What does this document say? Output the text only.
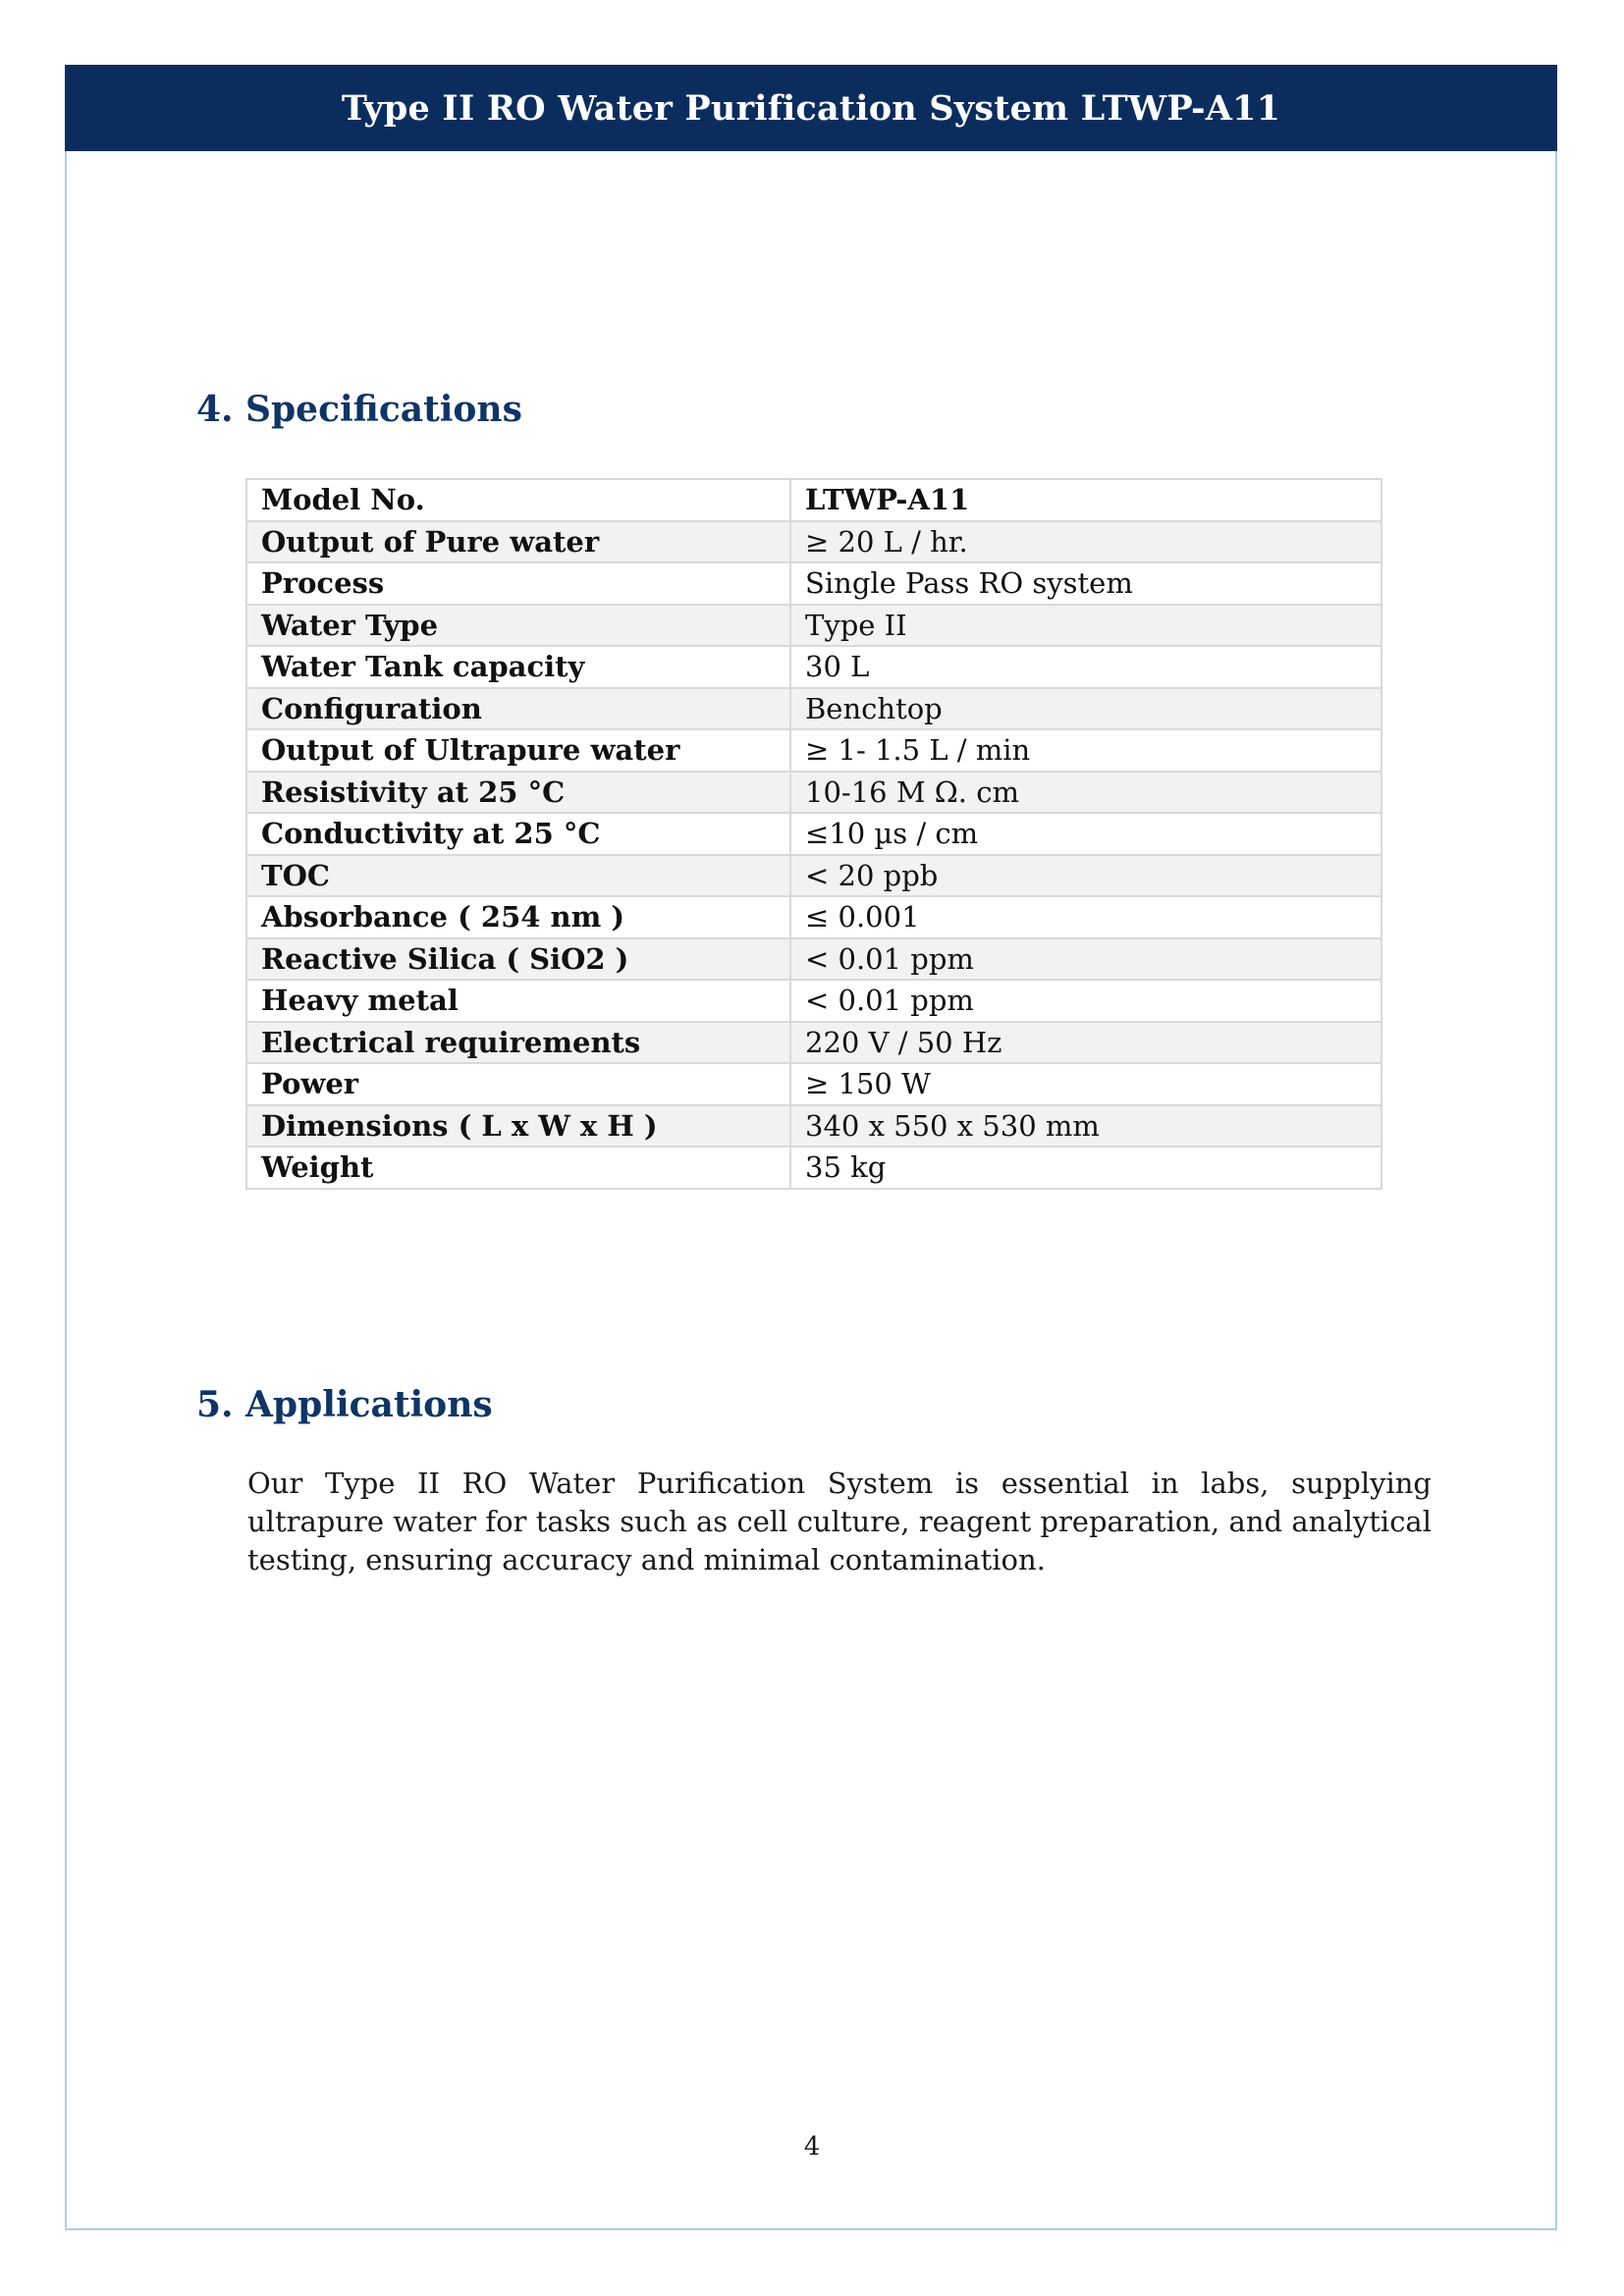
Type II RO Water Purification System LTWP-A11
4. Specifications
Model No.	LTWP-A11
Output of Pure water	≥ 20 L / hr.
Process	Single Pass RO system
Water Type	Type II
Water Tank capacity	30 L
Configuration	Benchtop
Output of Ultrapure water	≥ 1- 1.5 L / min
Resistivity at 25 °C	10-16 M Ω. cm
Conductivity at 25 °C	≤10 µs / cm
TOC	< 20 ppb
Absorbance ( 254 nm )	≤ 0.001
Reactive Silica ( SiO2 )	< 0.01 ppm
Heavy metal	< 0.01 ppm
Electrical requirements	220 V / 50 Hz
Power	≥ 150 W
Dimensions ( L x W x H )	340 x 550 x 530 mm
Weight	35 kg
5. Applications

Our Type II RO Water Purification System is essential in labs, supplying ultrapure water for tasks such as cell culture, reagent preparation, and analytical testing, ensuring accuracy and minimal contamination.

4
